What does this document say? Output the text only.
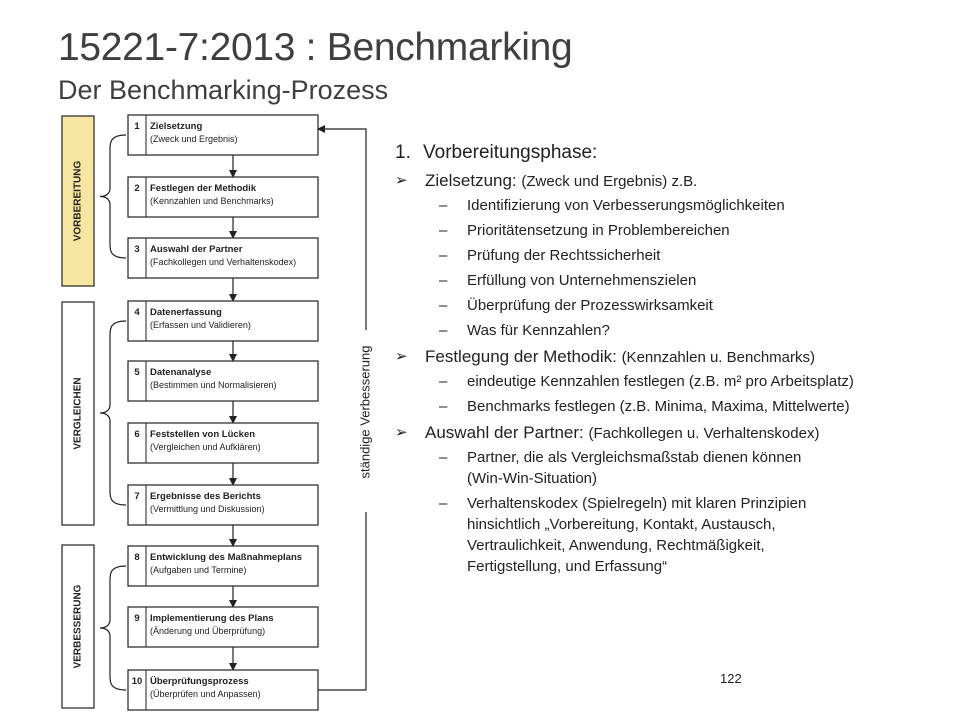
15221-7:2013 : Benchmarking
Der Benchmarking-Prozess
VORBEREITUNG
VERGLEICHEN
VERBESSERUNG
1 Zielsetzung
(Zweck und Ergebnis)
2 Festlegen der Methodik
(Kennzahlen und Benchmarks)
3 Auswahl der Partner
(Fachkollegen und Verhaltenskodex)
4 Datenerfassung
(Erfassen und Validieren)
5 Datenanalyse
(Bestimmen und Normalisieren)
6 Feststellen von Lücken
(Vergleichen und Aufklären)
7 Ergebnisse des Berichts
(Vermittlung und Diskussion)
8 Entwicklung des Maßnahmeplans
(Aufgaben und Termine)
9 Implementierung des Plans
(Änderung und Überprüfung)
10 Überprüfungsprozess
(Überprüfen und Anpassen)
ständige Verbesserung
1. Vorbereitungsphase:
➢ Zielsetzung: (Zweck und Ergebnis) z.B.
– Identifizierung von Verbesserungsmöglichkeiten
– Prioritätensetzung in Problembereichen
– Prüfung der Rechtssicherheit
– Erfüllung von Unternehmenszielen
– Überprüfung der Prozesswirksamkeit
– Was für Kennzahlen?
➢ Festlegung der Methodik: (Kennzahlen u. Benchmarks)
– eindeutige Kennzahlen festlegen (z.B. m² pro Arbeitsplatz)
– Benchmarks festlegen (z.B. Minima, Maxima, Mittelwerte)
➢ Auswahl der Partner: (Fachkollegen u. Verhaltenskodex)
– Partner, die als Vergleichsmaßstab dienen können
(Win-Win-Situation)
– Verhaltenskodex (Spielregeln) mit klaren Prinzipien
hinsichtlich „Vorbereitung, Kontakt, Austausch,
Vertraulichkeit, Anwendung, Rechtmäßigkeit,
Fertigstellung, und Erfassung“
122
